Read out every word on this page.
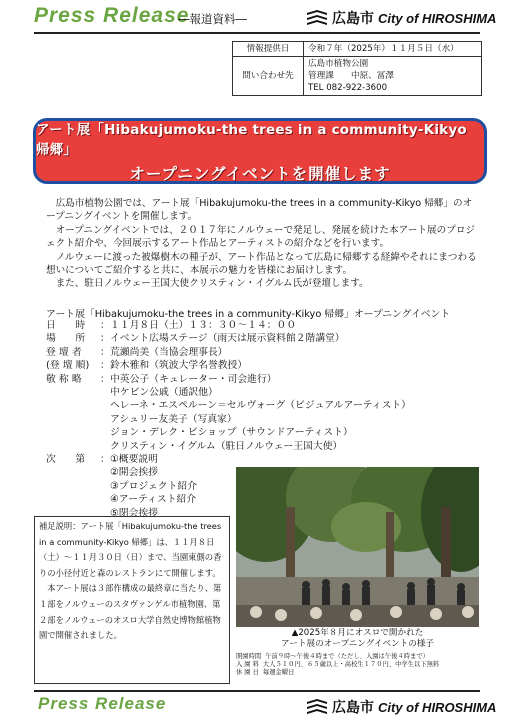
Press Release
―報道資料―	広島市 City of HIROSHIMA
情報提供日	令和７年（2025年）１１月５日（水）
問い合わせ先	広島市植物公園
管理課　　中原、冨澤
TEL 082-922-3600
アート展「Hibakujumoku-the trees in a community-Kikyo 帰郷」
オープニングイベントを開催します

広島市植物公園では、アート展「Hibakujumoku-the trees in a community-Kikyo 帰郷」のオープニングイベントを開催します。

オープニングイベントでは、２０１７年にノルウェーで発足し、発展を続けた本アート展のプロジェクト紹介や、今回展示するアート作品とアーティストの紹介などを行います。

ノルウェーに渡った被爆樹木の種子が、アート作品となって広島に帰郷する経緯やそれにまつわる想いについてご紹介すると共に、本展示の魅力を皆様にお届けします。

また、駐日ノルウェー王国大使クリスティン・イグルム氏が登壇します。

アート展「Hibakujumoku-the trees in a community-Kikyo 帰郷」オープニングイベント
日　　時	： １１月８日（土）１３：３０～１４：００
場　　所	： イベント広場ステージ（雨天は展示資料館２階講堂）
登 壇 者	： 荒瀬尚美（当協会理事長）
(登 壇 順)	： 鈴木雅和（筑波大学名誉教授）
敬 称 略	： 中英公子（キュレーター・司会進行）
中ケビン公戚（通訳他）
ヘレーネ・エスペルーン＝セルヴォーグ（ビジュアルアーティスト）
アシュリー友美子（写真家）
ジョン・デレク・ビショップ（サウンドアーティスト）
クリスティン・イグルム（駐日ノルウェー王国大使）
次　　第	： ①概要説明
②開会挨拶
③プロジェクト紹介
④アーティスト紹介
⑤閉会挨拶
補足説明：アート展「Hibakujumoku-the trees in a community-Kikyo 帰郷」は、１１月８日（土）～１１月３０日（日）まで、当園東側の香りの小径付近と森のレストランにて開催します。
本アート展は３部作構成の最終章に当たり、第１部をノルウェーのスタヴァンゲル市植物園、第２部をノルウェーのオスロ大学自然史博物館植物園で開催されました。	▲2025年８月にオスロで開かれた
アート展のオープニングイベントの様子
開園時間 午前９時～午後４時まで（ただし、入園は午後４時まで）
入 園 料 大人５１０円、６５歳以上・高校生１７０円、中学生以下無料
休 園 日 毎週金曜日
Press Release	広島市 City of HIROSHIMA
